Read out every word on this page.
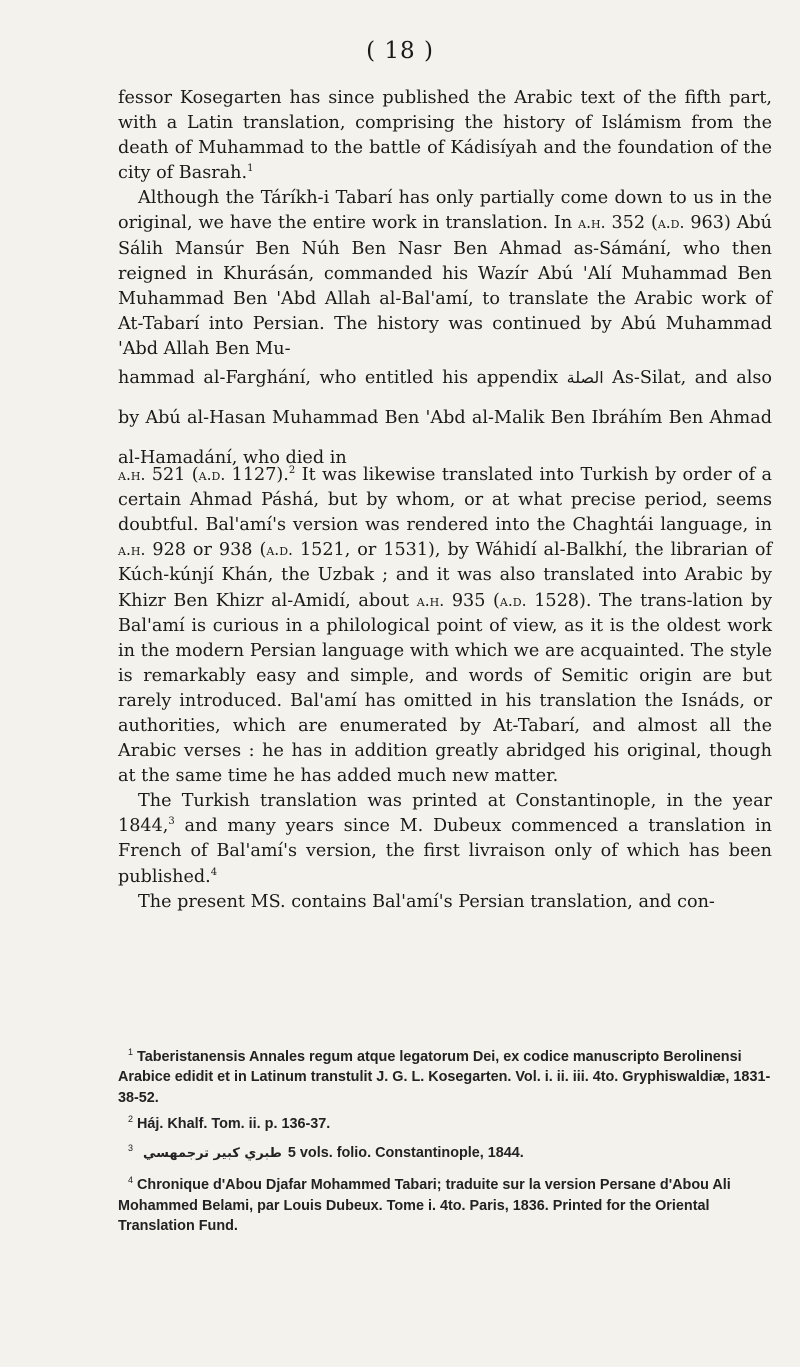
( 18 )

fessor Kosegarten has since published the Arabic text of the fifth part, with a Latin translation, comprising the history of Islámism from the death of Muhammad to the battle of Kádisíyah and the foundation of the city of Basrah.$^1$

Although the Táríkh-i Tabarí has only partially come down to us in the original, we have the entire work in translation. In a.h. 352 (a.d. 963) Abú Sálih Mansúr Ben Núh Ben Nasr Ben Ahmad as-Sámání, who then reigned in Khurásán, commanded his Wazír Abú 'Alí Muhammad Ben Muhammad Ben 'Abd Allah al-Bal'amí, to translate the Arabic work of At-Tabarí into Persian. The history was continued by Abú Muhammad 'Abd Allah Ben Mu-

hammad al-Farghání, who entitled his appendix الصلة As-Silat, and also by Abú al-Hasan Muhammad Ben 'Abd al-Malik Ben Ibráhím Ben Ahmad al-Hamadání, who died in

a.h. 521 (a.d. 1127).$^2$ It was likewise translated into Turkish by order of a certain Ahmad Páshá, but by whom, or at what precise period, seems doubtful. Bal'amí's version was rendered into the Chaghtái language, in a.h. 928 or 938 (a.d. 1521, or 1531), by Wáhidí al-Balkhí, the librarian of Kúch-kúnjí Khán, the Uzbak ; and it was also translated into Arabic by Khizr Ben Khizr al-Amidí, about a.h. 935 (a.d. 1528). The trans-lation by Bal'amí is curious in a philological point of view, as it is the oldest work in the modern Persian language with which we are acquainted. The style is remarkably easy and simple, and words of Semitic origin are but rarely introduced. Bal'amí has omitted in his translation the Isnáds, or authorities, which are enumerated by At-Tabarí, and almost all the Arabic verses : he has in addition greatly abridged his original, though at the same time he has added much new matter.

The Turkish translation was printed at Constantinople, in the year 1844,$^3$ and many years since M. Dubeux commenced a translation in French of Bal'amí's version, the first livraison only of which has been published.$^4$

The present MS. contains Bal'amí's Persian translation, and con-

$^1$ Taberistanensis Annales regum atque legatorum Dei, ex codice manuscripto Berolinensi Arabice edidit et in Latinum transtulit J. G. L. Kosegarten. Vol. i. ii. iii. 4to. Gryphiswaldiæ, 1831-38-52.
$^2$ Háj. Khalf. Tom. ii. p. 136-37.
$^3$ طبري كبير ترجمهسي 5 vols. folio. Constantinople, 1844.
$^4$ Chronique d'Abou Djafar Mohammed Tabari; traduite sur la version Persane d'Abou Ali Mohammed Belami, par Louis Dubeux. Tome i. 4to. Paris, 1836. Printed for the Oriental Translation Fund.
